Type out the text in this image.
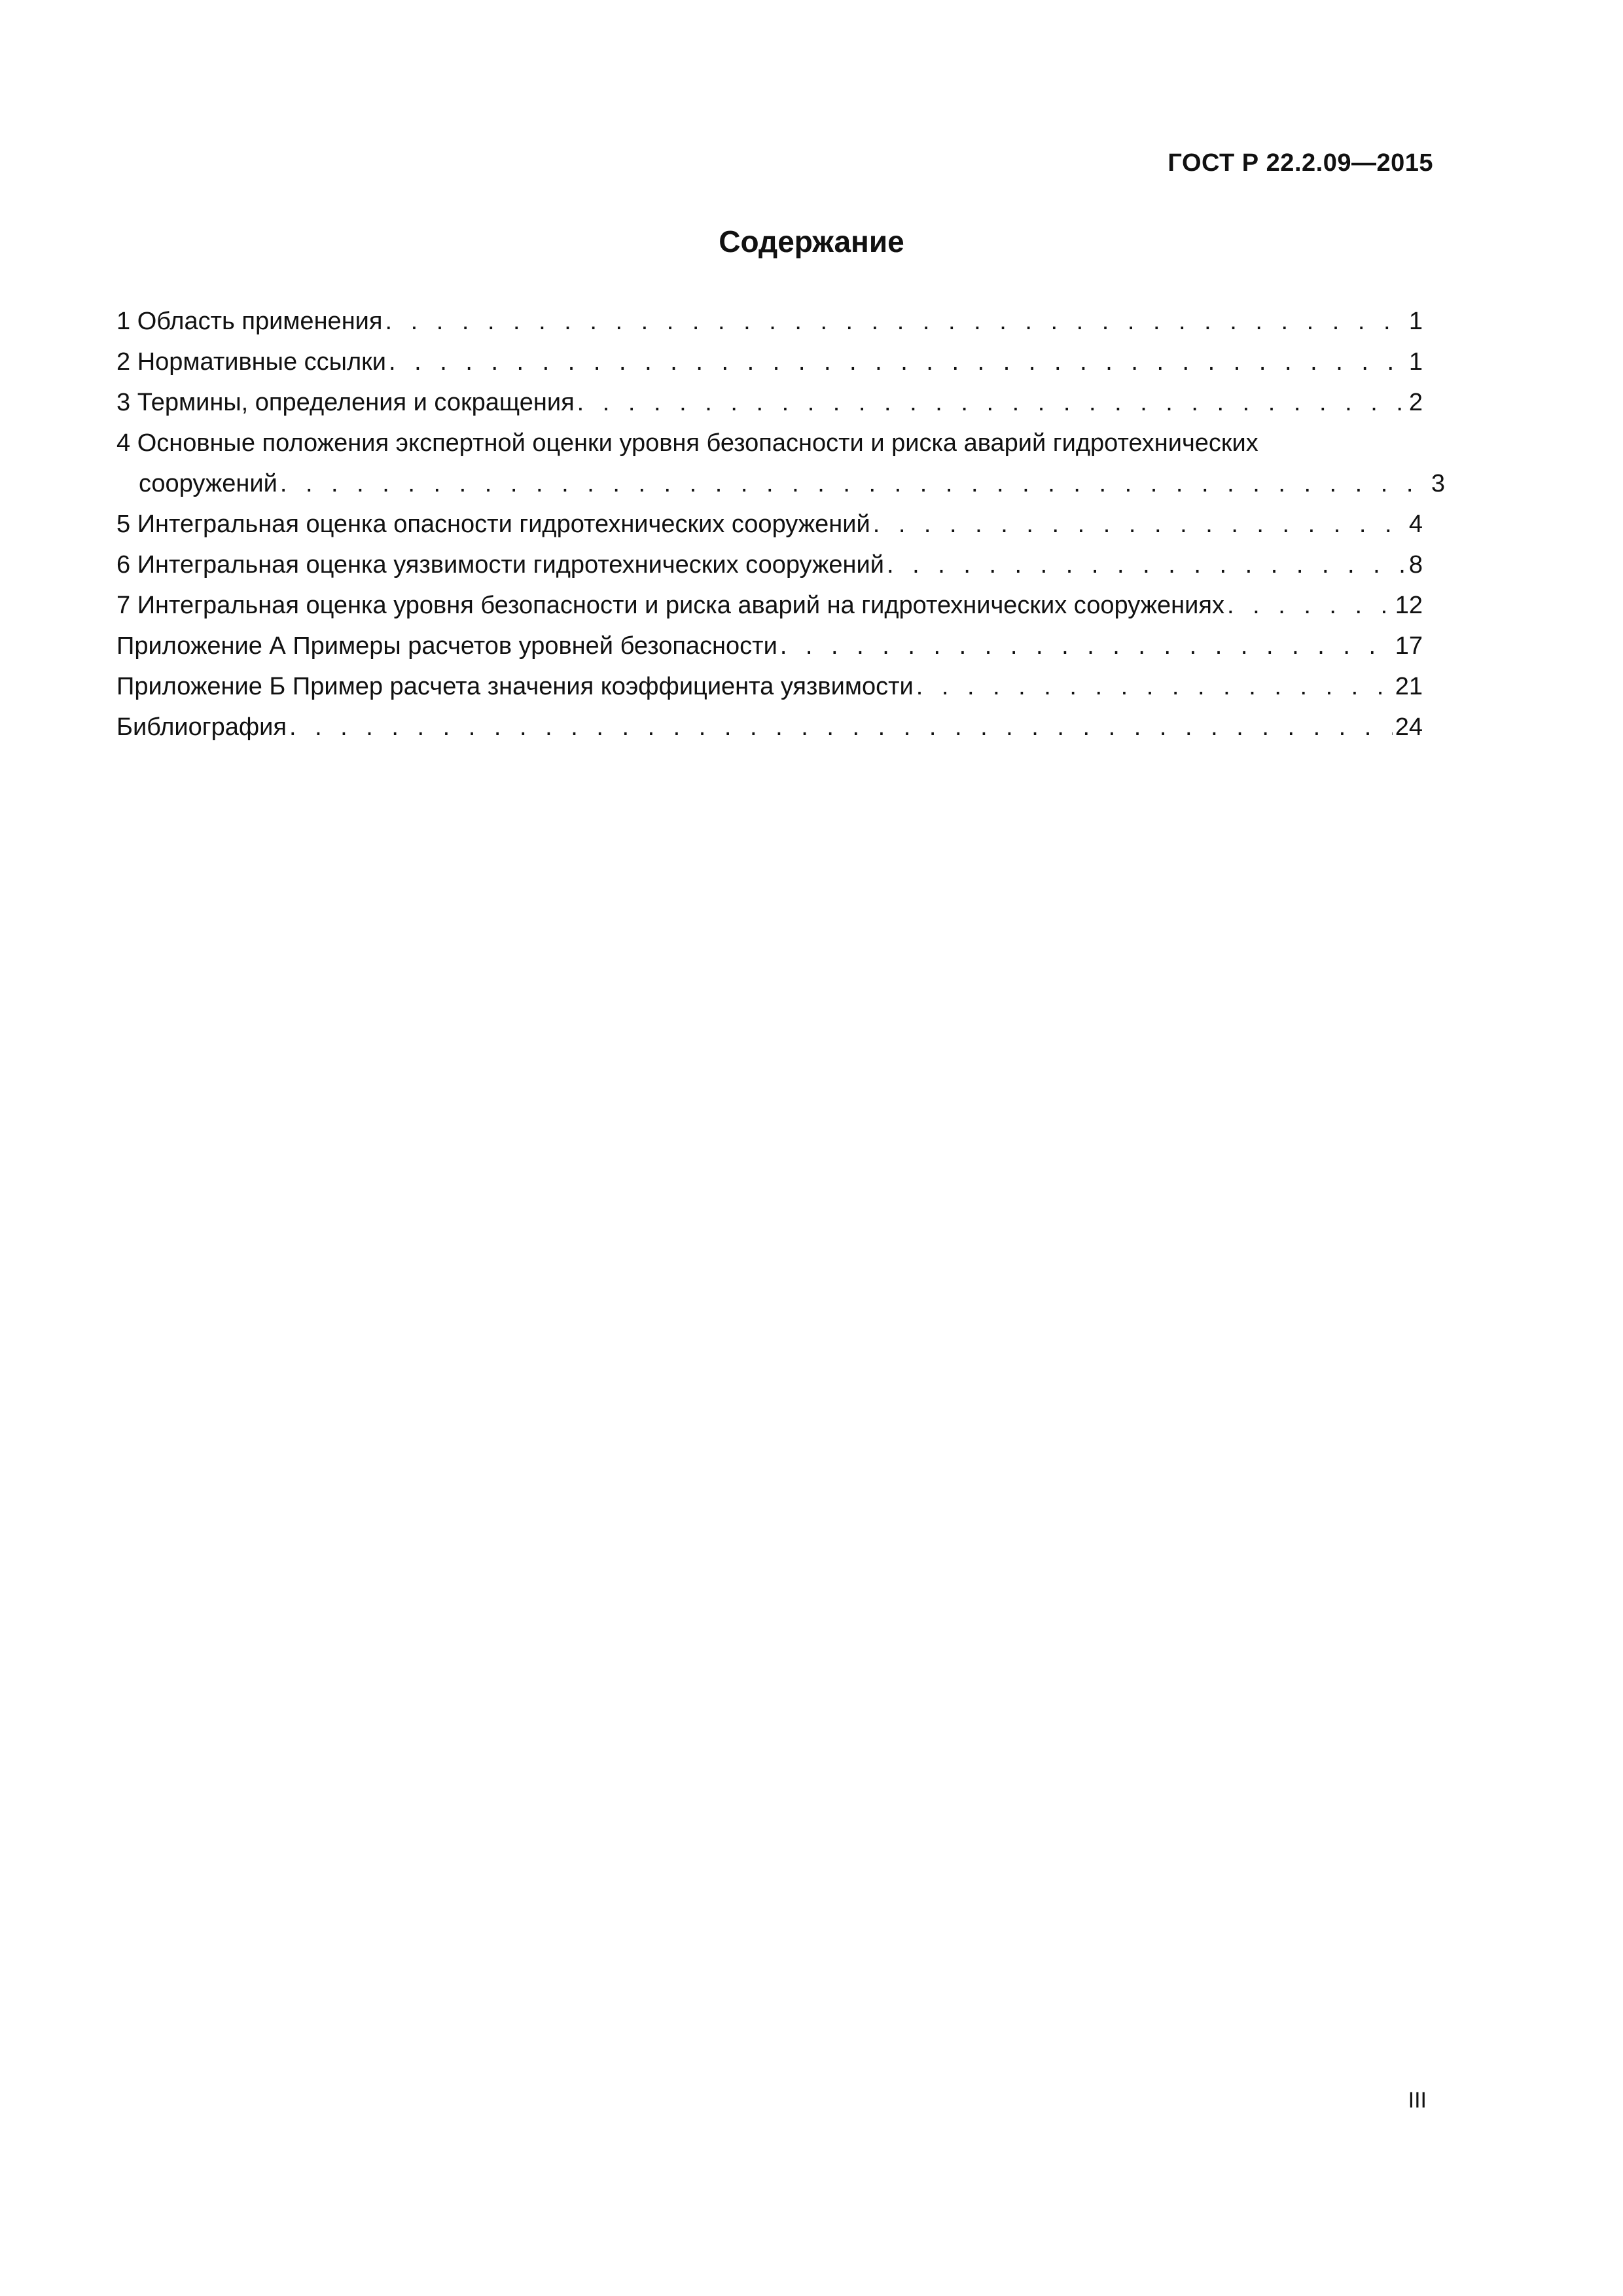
ГОСТ Р 22.2.09—2015
Содержание
1 Область применения . . .	1
2 Нормативные ссылки . . .	1
3 Термины, определения и сокращения . . .	2
4 Основные положения экспертной оценки уровня безопасности и риска аварий гидротехнических
сооружений . . .	3
5 Интегральная оценка опасности гидротехнических сооружений . . .	4
6 Интегральная оценка уязвимости гидротехнических сооружений . . .	8
7 Интегральная оценка уровня безопасности и риска аварий на гидротехнических сооружениях . . .	12
Приложение А Примеры расчетов уровней безопасности . . .	17
Приложение Б Пример расчета значения коэффициента уязвимости . . .	21
Библиография . . .	24
III
